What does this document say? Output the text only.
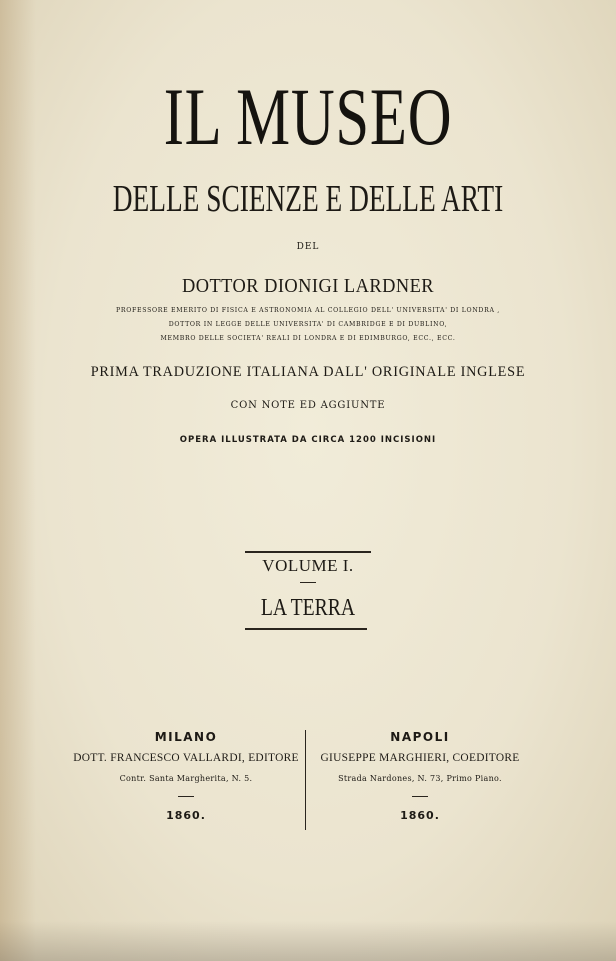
IL MUSEO
DELLE SCIENZE E DELLE ARTI
DEL
DOTTOR DIONIGI LARDNER
PROFESSORE EMERITO DI FISICA E ASTRONOMIA AL COLLEGIO DELL' UNIVERSITA' DI LONDRA ,
DOTTOR IN LEGGE DELLE UNIVERSITA' DI CAMBRIDGE E DI DUBLINO,
MEMBRO DELLE SOCIETA' REALI DI LONDRA E DI EDIMBURGO, ECC., ECC.
PRIMA TRADUZIONE ITALIANA DALL' ORIGINALE INGLESE
CON NOTE ED AGGIUNTE
OPERA ILLUSTRATA DA CIRCA 1200 INCISIONI
VOLUME I.
LA TERRA
MILANO
DOTT. FRANCESCO VALLARDI, EDITORE
Contr. Santa Margherita, N. 5.
1860.
NAPOLI
GIUSEPPE MARGHIERI, COEDITORE
Strada Nardones, N. 73, Primo Piano.
1860.
